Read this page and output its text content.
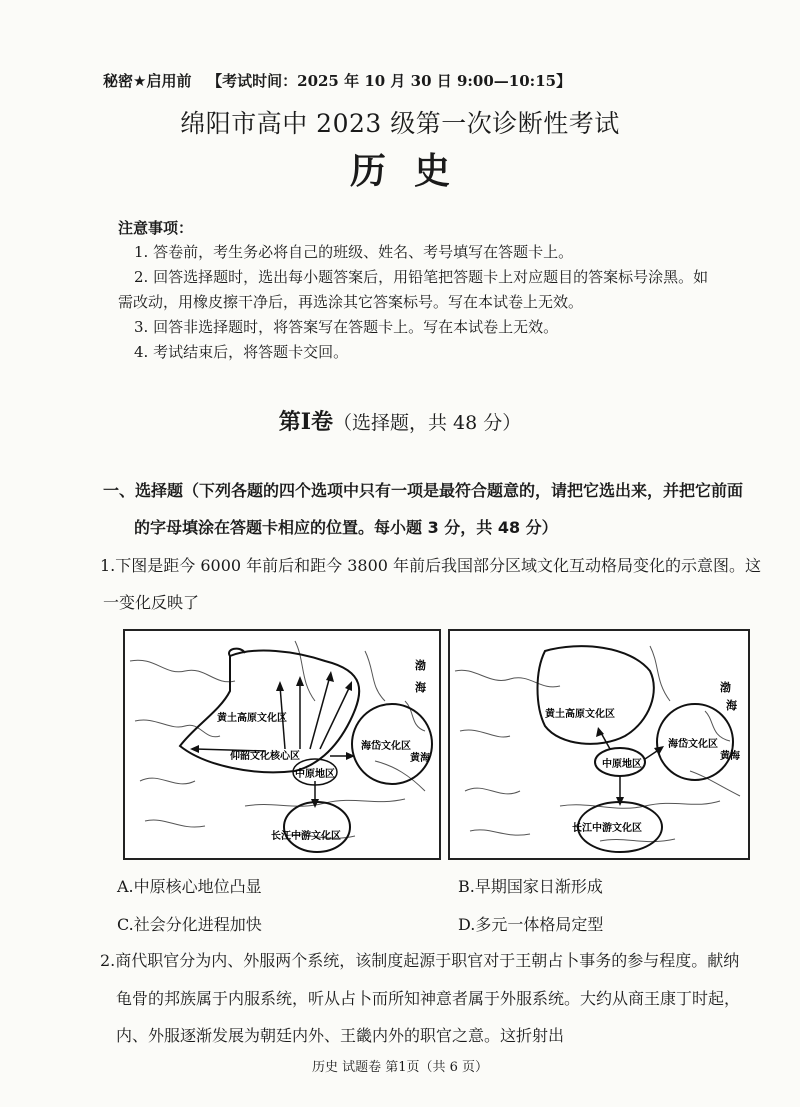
秘密★启用前 【考试时间：2025 年 10 月 30 日 9:00—10:15】
绵阳市高中 2023 级第一次诊断性考试
历史
注意事项：
1. 答卷前，考生务必将自己的班级、姓名、考号填写在答题卡上。
2. 回答选择题时，选出每小题答案后，用铅笔把答题卡上对应题目的答案标号涂黑。如
需改动，用橡皮擦干净后，再选涂其它答案标号。写在本试卷上无效。
3. 回答非选择题时，将答案写在答题卡上。写在本试卷上无效。
4. 考试结束后，将答题卡交回。
第Ⅰ卷（选择题，共 48 分）
一、选择题（下列各题的四个选项中只有一项是最符合题意的，请把它选出来，并把它前面
的字母填涂在答题卡相应的位置。每小题 3 分，共 48 分）
1.下图是距今 6000 年前后和距今 3800 年前后我国部分区域文化互动格局变化的示意图。这
一变化反映了
渤
海
黄土高原文化区
仰韶文化核心区
中原地区
海岱文化区
黄海
长江中游文化区
渤
海
黄土高原文化区
中原地区
海岱文化区
黄海
长江中游文化区
A.中原核心地位凸显	B.早期国家日渐形成
C.社会分化进程加快	D.多元一体格局定型
2.商代职官分为内、外服两个系统，该制度起源于职官对于王朝占卜事务的参与程度。献纳
龟骨的邦族属于内服系统，听从占卜而所知神意者属于外服系统。大约从商王康丁时起，
内、外服逐渐发展为朝廷内外、王畿内外的职官之意。这折射出
历史 试题卷 第1页（共 6 页）
